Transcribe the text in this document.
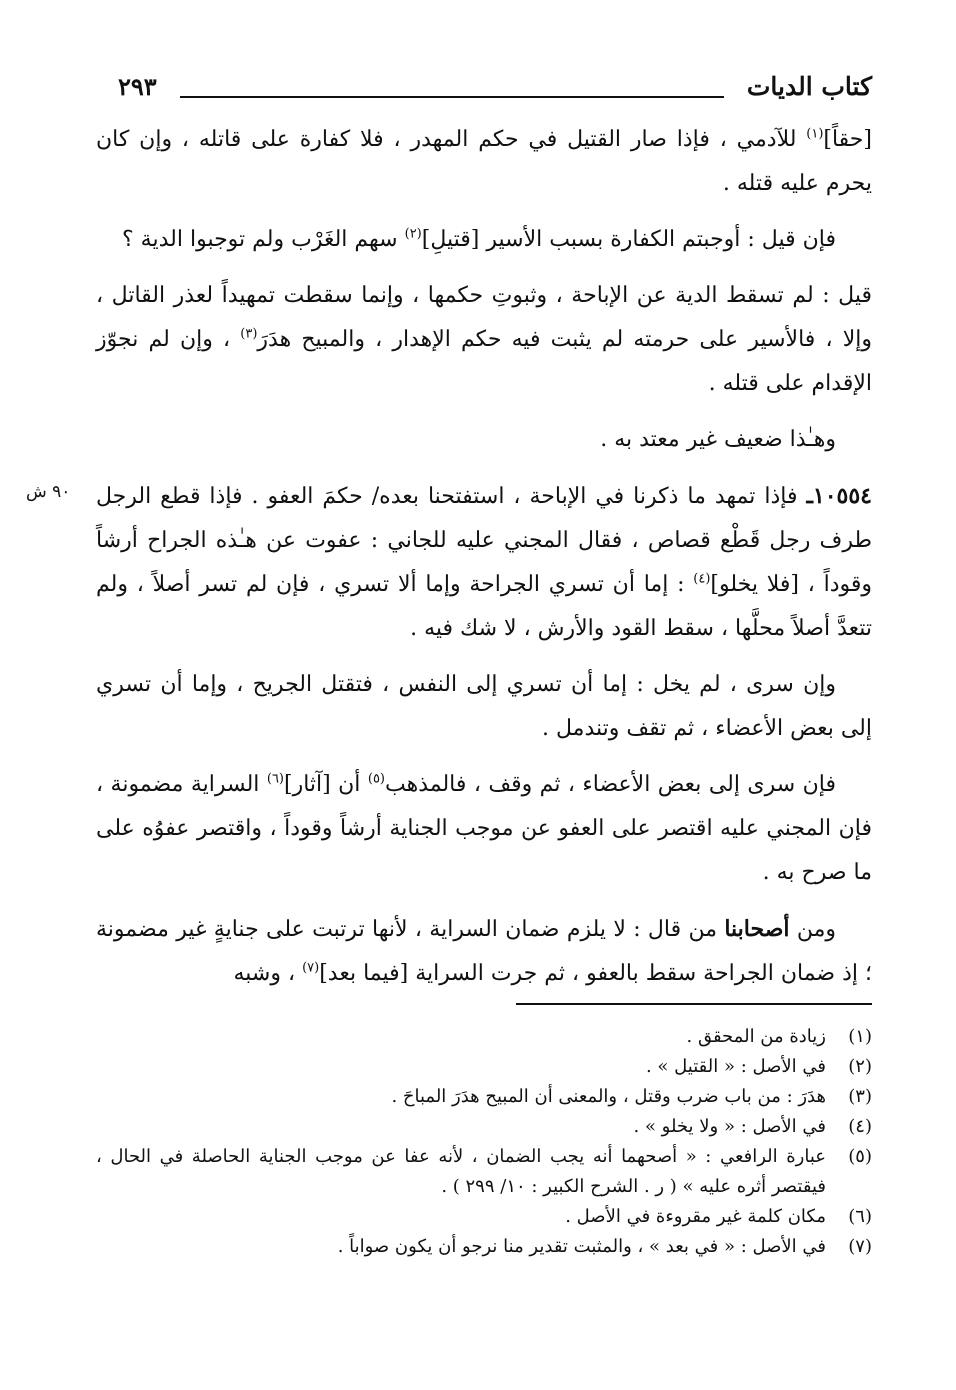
كتاب الديات
٢٩٣
٩٠ ش

[حقاً]$^{(١)}$ للآدمي ، فإذا صار القتيل في حكم المهدر ، فلا كفارة على قاتله ، وإن كان يحرم عليه قتله .

فإن قيل : أوجبتم الكفارة بسبب الأسير [قتيلِ]$^{(٢)}$ سهم الغَرْب ولم توجبوا الدية ؟

قيل : لم تسقط الدية عن الإباحة ، وثبوتِ حكمها ، وإنما سقطت تمهيداً لعذر القاتل ، وإلا ، فالأسير على حرمته لم يثبت فيه حكم الإهدار ، والمبيح هدَرَ$^{(٣)}$ ، وإن لم نجوّز الإقدام على قتله .

وهـٰذا ضعيف غير معتد به .

١٠٥٥٤ـ فإذا تمهد ما ذكرنا في الإباحة ، استفتحنا بعده/ حكمَ العفو . فإذا قطع الرجل طرف رجل قَطْع قصاص ، فقال المجني عليه للجاني : عفوت عن هـٰذه الجراح أرشاً وقوداً ، [فلا يخلو]$^{(٤)}$ : إما أن تسري الجراحة وإما ألا تسري ، فإن لم تسر أصلاً ، ولم تتعدَّ أصلاً محلَّها ، سقط القود والأرش ، لا شك فيه .

وإن سرى ، لم يخل : إما أن تسري إلى النفس ، فتقتل الجريح ، وإما أن تسري إلى بعض الأعضاء ، ثم تقف وتندمل .

فإن سرى إلى بعض الأعضاء ، ثم وقف ، فالمذهب$^{(٥)}$ أن [آثار]$^{(٦)}$ السراية مضمونة ، فإن المجني عليه اقتصر على العفو عن موجب الجناية أرشاً وقوداً ، واقتصر عفوُه على ما صرح به .

ومن أصحابنا من قال : لا يلزم ضمان السراية ، لأنها ترتبت على جنايةٍ غير مضمونة ؛ إذ ضمان الجراحة سقط بالعفو ، ثم جرت السراية [فيما بعد]$^{(٧)}$ ، وشبه

(١)
زيادة من المحقق .
(٢)
في الأصل : « القتيل » .
(٣)
هدَرَ : من باب ضرب وقتل ، والمعنى أن المبيح هدَرَ المباحَ .
(٤)
في الأصل : « ولا يخلو » .
(٥)
عبارة الرافعي : « أصحهما أنه يجب الضمان ، لأنه عفا عن موجب الجناية الحاصلة في الحال ، فيقتصر أثره عليه » ( ر . الشرح الكبير : ١٠/ ٢٩٩ ) .
(٦)
مكان كلمة غير مقروءة في الأصل .
(٧)
في الأصل : « في بعد » ، والمثبت تقدير منا نرجو أن يكون صواباً .
